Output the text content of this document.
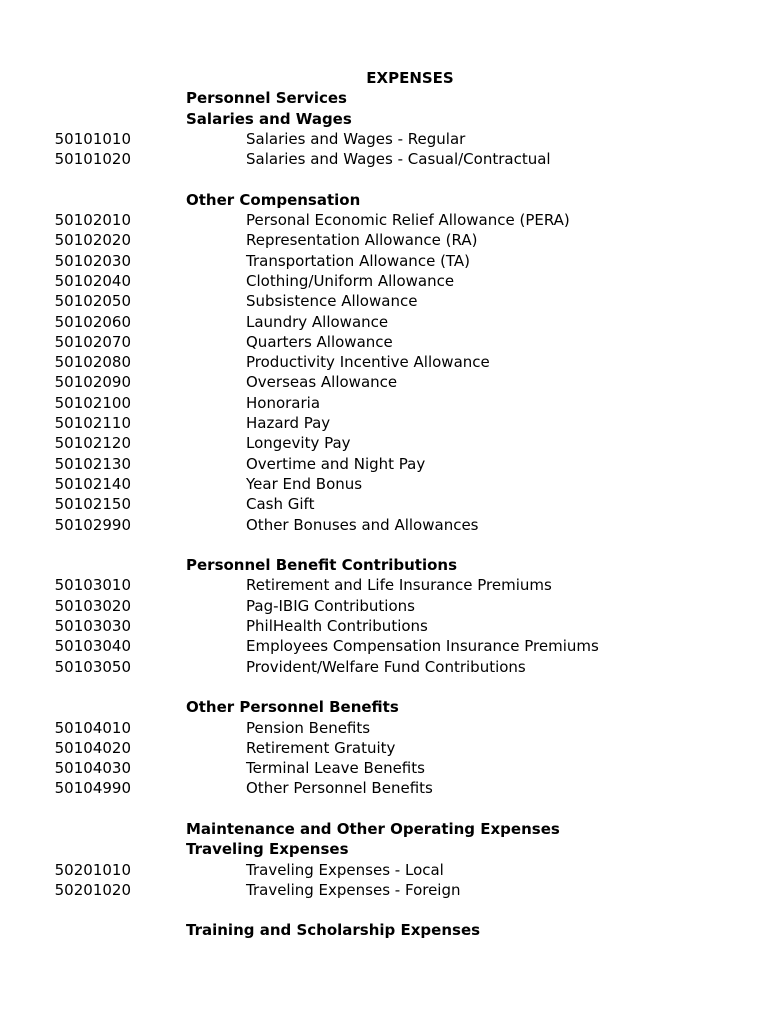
EXPENSES
Personnel Services
Salaries and Wages
50101010	Salaries and Wages - Regular
50101020	Salaries and Wages - Casual/Contractual
Other Compensation
50102010	Personal Economic Relief Allowance (PERA)
50102020	Representation Allowance (RA)
50102030	Transportation Allowance (TA)
50102040	Clothing/Uniform Allowance
50102050	Subsistence Allowance
50102060	Laundry Allowance
50102070	Quarters Allowance
50102080	Productivity Incentive Allowance
50102090	Overseas Allowance
50102100	Honoraria
50102110	Hazard Pay
50102120	Longevity Pay
50102130	Overtime and Night Pay
50102140	Year End Bonus
50102150	Cash Gift
50102990	Other Bonuses and Allowances
Personnel Benefit Contributions
50103010	Retirement and Life Insurance Premiums
50103020	Pag-IBIG Contributions
50103030	PhilHealth Contributions
50103040	Employees Compensation Insurance Premiums
50103050	Provident/Welfare Fund Contributions
Other Personnel Benefits
50104010	Pension Benefits
50104020	Retirement Gratuity
50104030	Terminal Leave Benefits
50104990	Other Personnel Benefits
Maintenance and Other Operating Expenses
Traveling Expenses
50201010	Traveling Expenses - Local
50201020	Traveling Expenses - Foreign
Training and Scholarship Expenses
